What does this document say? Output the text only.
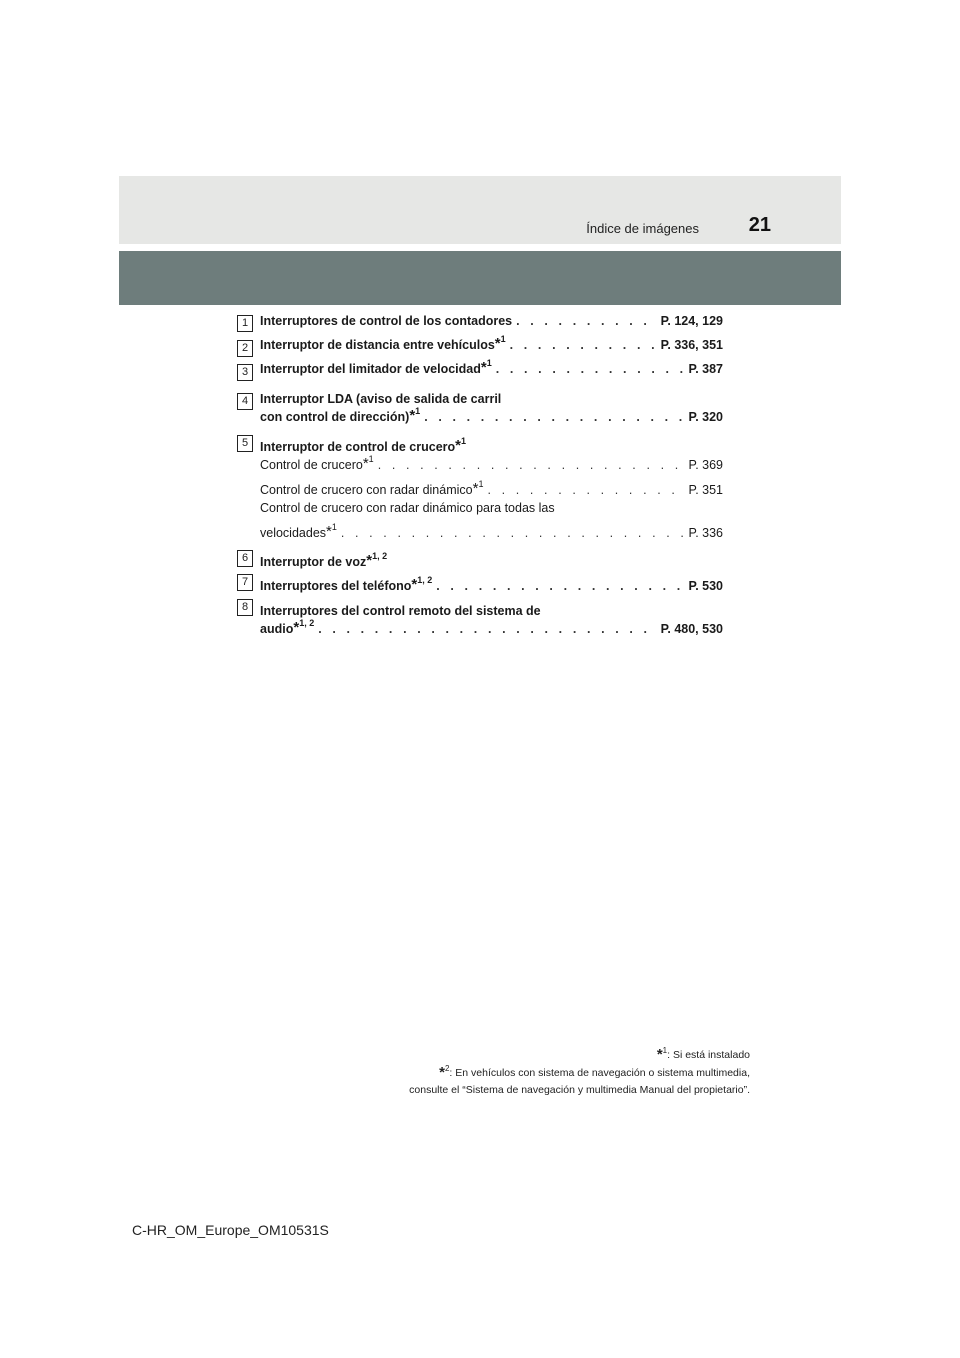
Índice de imágenes 21
1 Interruptores de control de los contadores . . .	P. 124, 129
2 Interruptor de distancia entre vehículos$^{*^1}$ . . .	P. 336, 351
3 Interruptor del limitador de velocidad$^{*^1}$ . . .	P. 387
4 Interruptor LDA (aviso de salida de carril
con control de dirección)$^{*^1}$ . . .	P. 320
5 Interruptor de control de crucero$^{*^1}$
Control de crucero$^{*^1}$ . . .	P. 369
Control de crucero con radar dinámico$^{*^1}$ . . .	P. 351
Control de crucero con radar dinámico para todas las
velocidades$^{*^1}$ . . .	P. 336
6 Interruptor de voz$^{*^{1, 2}}$
7 Interruptores del teléfono$^{*^{1, 2}}$ . . .	P. 530
8 Interruptores del control remoto del sistema de
audio$^{*^{1, 2}}$ . . .	P. 480, 530
*$^1$: Si está instalado
*$^2$: En vehículos con sistema de navegación o sistema multimedia,
consulte el “Sistema de navegación y multimedia Manual del propietario”.
C-HR_OM_Europe_OM10531S
